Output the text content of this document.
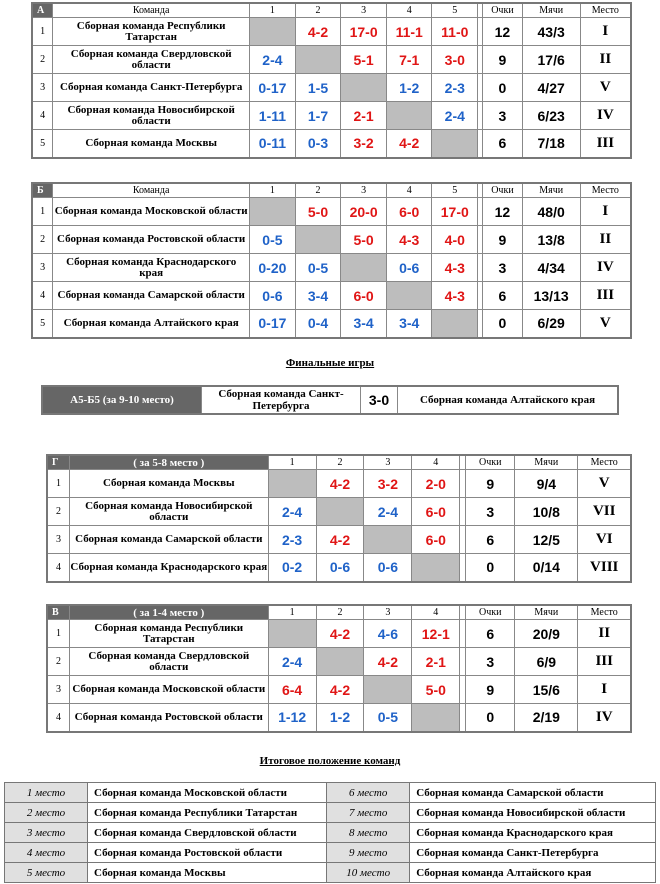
А	Команда	1	2	3	4	5		Очки	Мячи	Место
1	Сборная команда Республики Татарстан		4-2	17-0	11-1	11-0		12	43/3	I
2	Сборная команда Свердловской области	2-4		5-1	7-1	3-0		9	17/6	II
3	Сборная команда Санкт-Петербурга	0-17	1-5		1-2	2-3		0	4/27	V
4	Сборная команда Новосибирской области	1-11	1-7	2-1		2-4		3	6/23	IV
5	Сборная команда Москвы	0-11	0-3	3-2	4-2			6	7/18	III
Б	Команда	1	2	3	4	5		Очки	Мячи	Место
1	Сборная команда Московской области		5-0	20-0	6-0	17-0		12	48/0	I
2	Сборная команда Ростовской области	0-5		5-0	4-3	4-0		9	13/8	II
3	Сборная команда Краснодарского края	0-20	0-5		0-6	4-3		3	4/34	IV
4	Сборная команда Самарской области	0-6	3-4	6-0		4-3		6	13/13	III
5	Сборная команда Алтайского края	0-17	0-4	3-4	3-4			0	6/29	V
Финальные игры
А5-Б5 (за 9-10 место)	Сборная команда Санкт-Петербурга	3-0	Сборная команда Алтайского края
Г	( за 5-8 место )	1	2	3	4		Очки	Мячи	Место
1	Сборная команда Москвы		4-2	3-2	2-0		9	9/4	V
2	Сборная команда Новосибирской области	2-4		2-4	6-0		3	10/8	VII
3	Сборная команда Самарской области	2-3	4-2		6-0		6	12/5	VI
4	Сборная команда Краснодарского края	0-2	0-6	0-6			0	0/14	VIII
В	( за 1-4 место )	1	2	3	4		Очки	Мячи	Место
1	Сборная команда Республики Татарстан		4-2	4-6	12-1		6	20/9	II
2	Сборная команда Свердловской области	2-4		4-2	2-1		3	6/9	III
3	Сборная команда Московской области	6-4	4-2		5-0		9	15/6	I
4	Сборная команда Ростовской области	1-12	1-2	0-5			0	2/19	IV
Итоговое положение команд
1 место	Сборная команда Московской области	6 место	Сборная команда Самарской области
2 место	Сборная команда Республики Татарстан	7 место	Сборная команда Новосибирской области
3 место	Сборная команда Свердловской области	8 место	Сборная команда Краснодарского края
4 место	Сборная команда Ростовской области	9 место	Сборная команда Санкт-Петербурга
5 место	Сборная команда Москвы	10 место	Сборная команда Алтайского края
